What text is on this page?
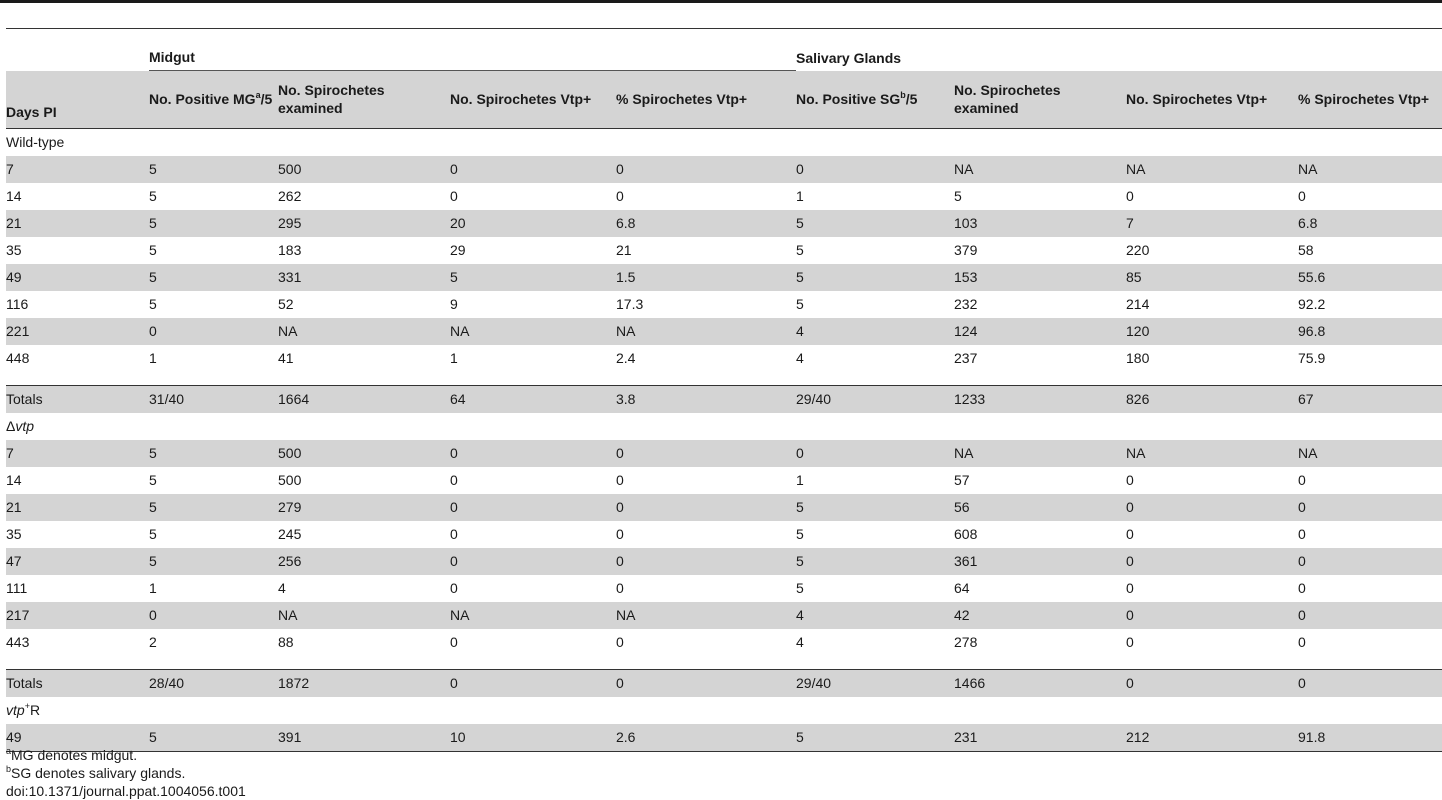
	Midgut				Salivary Glands			
Days PI	No. Positive $MG^a/5$	No. Spirochetes examined	No. Spirochetes Vtp+	% Spirochetes Vtp+	No. Positive $SG^b/5$	No. Spirochetes examined	No. Spirochetes Vtp+	% Spirochetes Vtp+
Wild-type								
7	5	500	0	0	0	NA	NA	NA
14	5	262	0	0	1	5	0	0
21	5	295	20	6.8	5	103	7	6.8
35	5	183	29	21	5	379	220	58
49	5	331	5	1.5	5	153	85	55.6
116	5	52	9	17.3	5	232	214	92.2
221	0	NA	NA	NA	4	124	120	96.8
448	1	41	1	2.4	4	237	180	75.9

Totals	31/40	1664	64	3.8	29/40	1233	826	67
Δvtp								
7	5	500	0	0	0	NA	NA	NA
14	5	500	0	0	1	57	0	0
21	5	279	0	0	5	56	0	0
35	5	245	0	0	5	608	0	0
47	5	256	0	0	5	361	0	0
111	1	4	0	0	5	64	0	0
217	0	NA	NA	NA	4	42	0	0
443	2	88	0	0	4	278	0	0

Totals	28/40	1872	0	0	29/40	1466	0	0
vtp+R								
49	5	391	10	2.6	5	231	212	91.8
$^a$MG denotes midgut.
$^b$SG denotes salivary glands.
doi:10.1371/journal.ppat.1004056.t001
